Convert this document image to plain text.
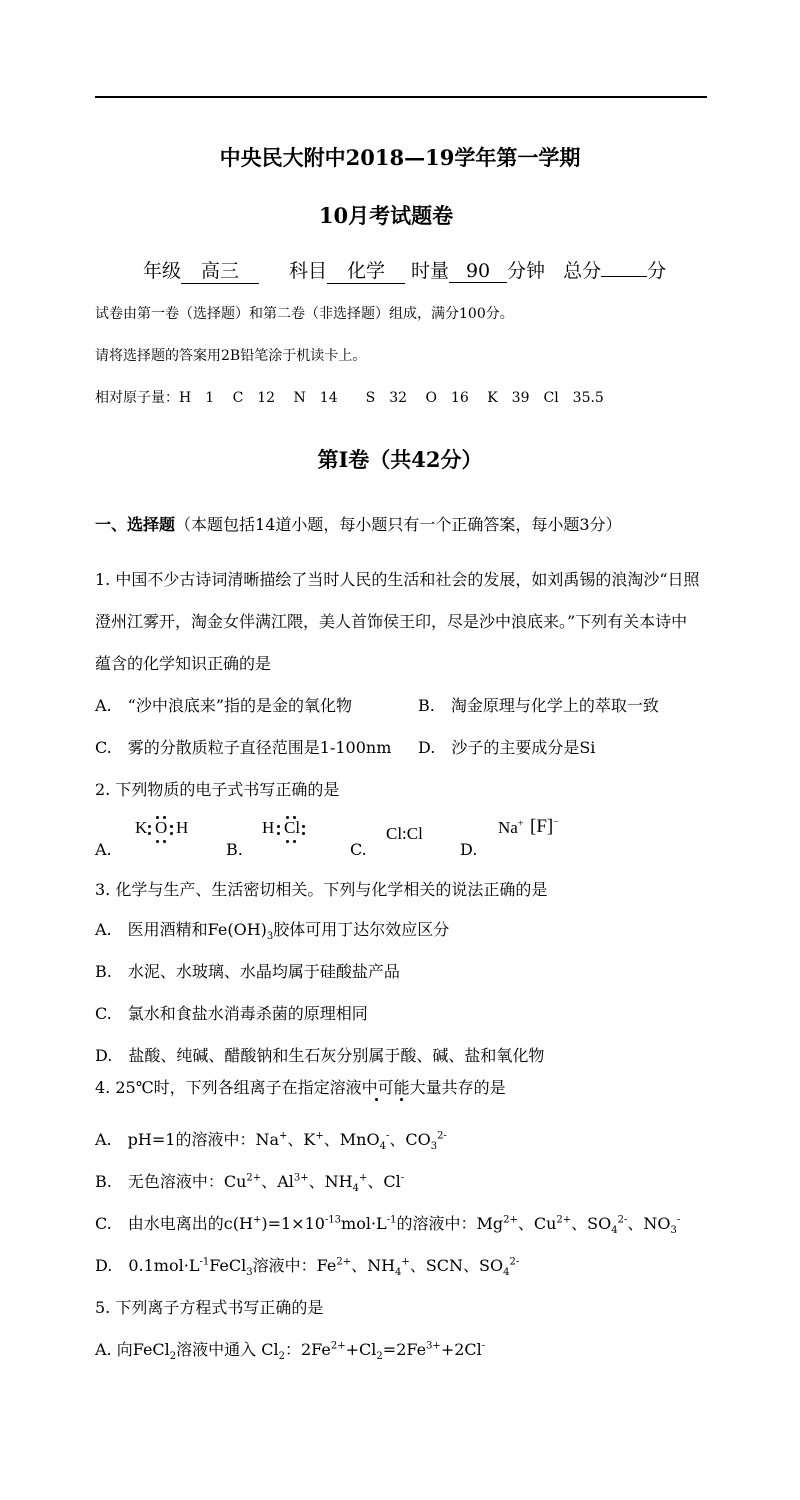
中央民大附中2018—19学年第一学期
10月考试题卷
年级 高三	科目 化学 时量 90 分钟 总分 分
试卷由第一卷（选择题）和第二卷（非选择题）组成，满分100分。
请将选择题的答案用2B铅笔涂于机读卡上。
相对原子量：H　1　 C　12　 N　14　　S　32　 O　16　 K　39　Cl　35.5
第I卷（共42分）
一、选择题（本题包括14道小题，每小题只有一个正确答案，每小题3分）
1. 中国不少古诗词清晰描绘了当时人民的生活和社会的发展，如刘禹锡的浪淘沙“日照
澄州江雾开，淘金女伴满江隈，美人首饰侯王印，尽是沙中浪底来。”下列有关本诗中
蕴含的化学知识正确的是
A.　“沙中浪底来”指的是金的氧化物	B.　淘金原理与化学上的萃取一致
C.　雾的分散质粒子直径范围是1-100nm D.　沙子的主要成分是Si
2. 下列物质的电子式书写正确的是
A.	B.	C.	D.
K O H	H Cl	Cl:Cl	Na+ [F]−
3. 化学与生产、生活密切相关。下列与化学相关的说法正确的是
A.　 医用酒精和$Fe(OH)_3$胶体可用丁达尔效应区分
B.　水泥、水玻璃、水晶均属于硅酸盐产品
C.　氯水和食盐水消毒杀菌的原理相同
D.　盐酸、纯碱、醋酸钠和生石灰分别属于酸、碱、盐和氧化物
4. 25℃时，下列各组离子在指定溶液中可能大量共存的是
A.　 pH=1的溶液中：Na+、K+、MnO$_4$-、$CO_3^{2-}$
B.　 无色溶液中：$Cu^{2+}$、$Al^{3+}$、$NH_4^+$、Cl-
C.　 由水电离出的$c(H^+)=1\times 10^{-13}mol\cdot L^{-1}$的溶液中：$Mg^{2+}$、$Cu^{2+}$、$SO_4^{2-}$、$NO_3^-$
D.　 $0.1mol\cdot L^{-1}FeCl_3$溶液中：$Fe^{2+}$、$NH_4^+$、SCN、$SO_4^{2-}$
5. 下列离子方程式书写正确的是
A. 向FeCl$_2$溶液中通入 $Cl_2$：$2Fe^{2+}+Cl_2=2Fe^{3+}+2Cl^-$
